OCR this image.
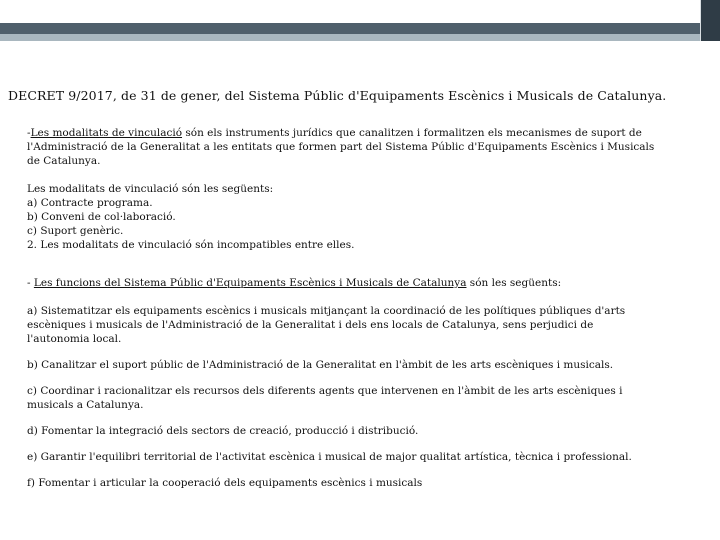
DECRET 9/2017, de 31 de gener, del Sistema Públic d'Equipaments Escènics i Musicals de Catalunya.

-Les modalitats de vinculació són els instruments jurídics que canalitzen i formalitzen els mecanismes de suport de l'Administració de la Generalitat a les entitats que formen part del Sistema Públic d'Equipaments Escènics i Musicals de Catalunya.

Les modalitats de vinculació són les següents:

a) Contracte programa.

b) Conveni de col·laboració.

c) Suport genèric.

2. Les modalitats de vinculació són incompatibles entre elles.

- Les funcions del Sistema Públic d'Equipaments Escènics i Musicals de Catalunya són les següents:

a) Sistematitzar els equipaments escènics i musicals mitjançant la coordinació de les polítiques públiques d'arts escèniques i musicals de l'Administració de la Generalitat i dels ens locals de Catalunya, sens perjudici de l'autonomia local.

b) Canalitzar el suport públic de l'Administració de la Generalitat en l'àmbit de les arts escèniques i musicals.

c) Coordinar i racionalitzar els recursos dels diferents agents que intervenen en l'àmbit de les arts escèniques i musicals a Catalunya.

d) Fomentar la integració dels sectors de creació, producció i distribució.

e) Garantir l'equilibri territorial de l'activitat escènica i musical de major qualitat artística, tècnica i professional.

f) Fomentar i articular la cooperació dels equipaments escènics i musicals
